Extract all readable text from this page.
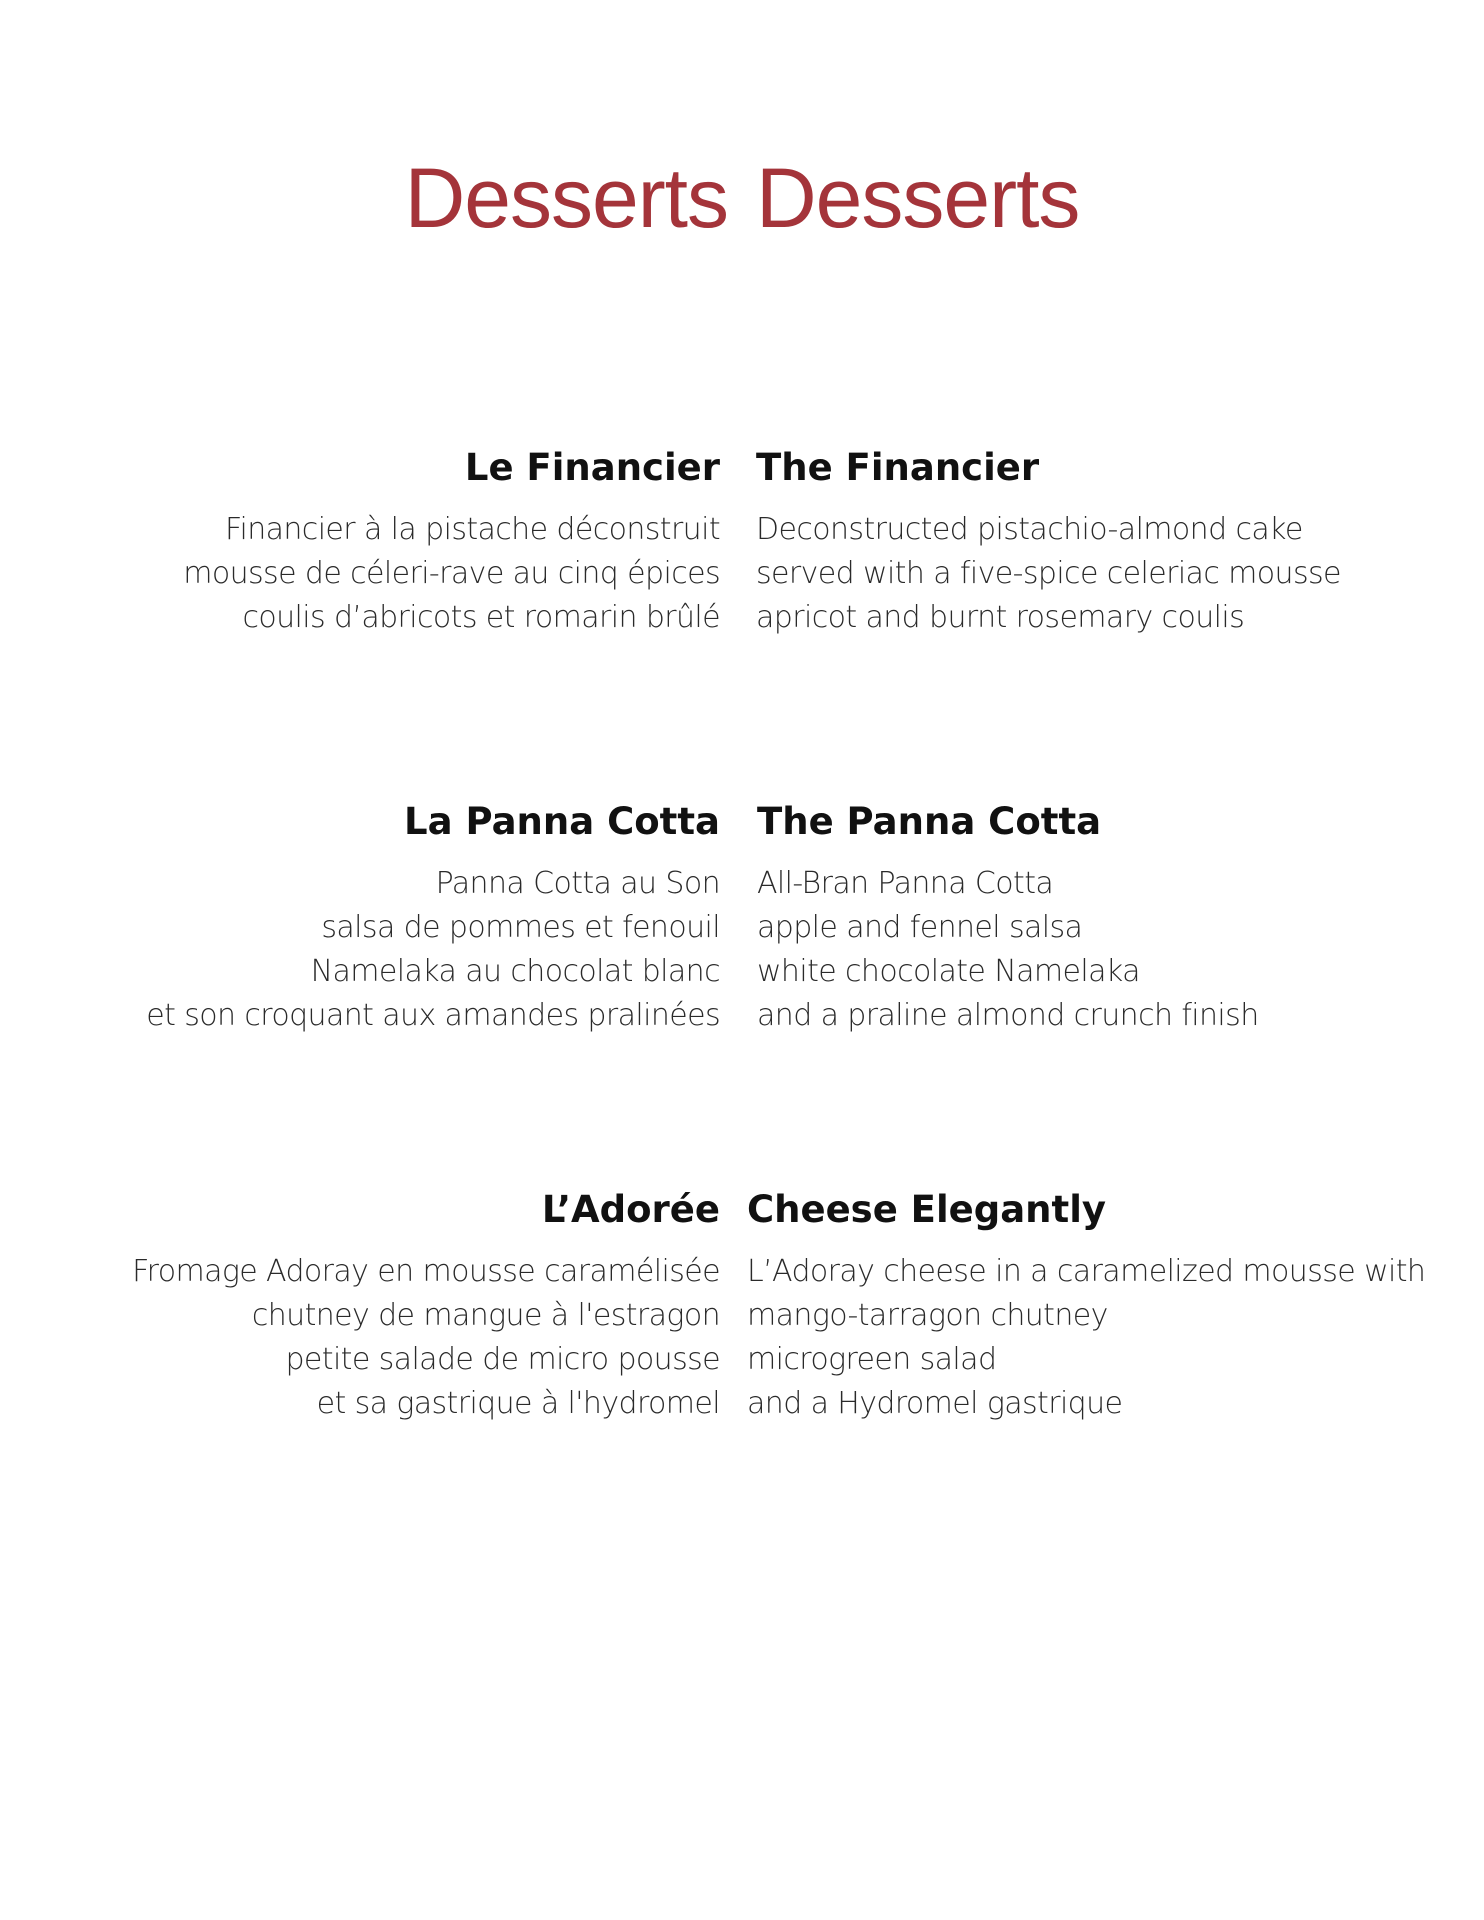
Desserts Desserts
Le Financier
Financier à la pistache déconstruit
mousse de céleri-rave au cinq épices
coulis d’abricots et romarin brûlé
The Financier
Deconstructed pistachio-almond cake
served with a five-spice celeriac mousse
apricot and burnt rosemary coulis
La Panna Cotta
Panna Cotta au Son
salsa de pommes et fenouil
Namelaka au chocolat blanc
et son croquant aux amandes pralinées
The Panna Cotta
All-Bran Panna Cotta
apple and fennel salsa
white chocolate Namelaka
and a praline almond crunch finish
L’Adorée
Fromage Adoray en mousse caramélisée
chutney de mangue à l'estragon
petite salade de micro pousse
et sa gastrique à l'hydromel
Cheese Elegantly
L’Adoray cheese in a caramelized mousse with
mango-tarragon chutney
microgreen salad
and a Hydromel gastrique
